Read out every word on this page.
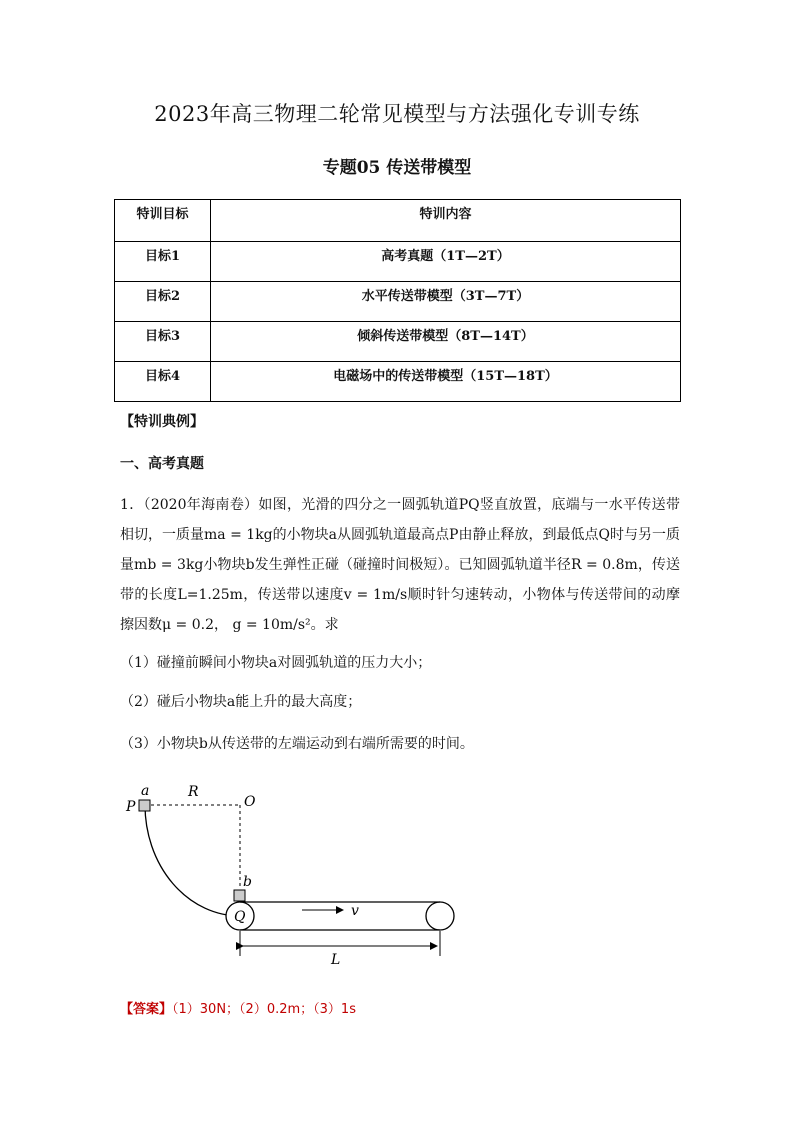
2023年高三物理二轮常见模型与方法强化专训专练
专题05 传送带模型
特训目标	特训内容
目标1	高考真题（1T—2T）
目标2	水平传送带模型（3T—7T）
目标3	倾斜传送带模型（8T—14T）
目标4	电磁场中的传送带模型（15T—18T）
【特训典例】
一、高考真题
1．（2020年海南卷）如图，光滑的四分之一圆弧轨道PQ竖直放置，底端与一水平传送带相切，一质量ma = 1kg的小物块a从圆弧轨道最高点P由静止释放，到最低点Q时与另一质量mb = 3kg小物块b发生弹性正碰（碰撞时间极短）。已知圆弧轨道半径R = 0.8m，传送带的长度L=1.25m，传送带以速度v = 1m/s顺时针匀速转动，小物体与传送带间的动摩擦因数μ = 0.2， g = 10m/s²。求
（1）碰撞前瞬间小物块a对圆弧轨道的压力大小；
（2）碰后小物块a能上升的最大高度；
（3）小物块b从传送带的左端运动到右端所需要的时间。
a
P
R
O
b
Q	v
L
【答案】（1）30N；（2）0.2m；（3）1s
